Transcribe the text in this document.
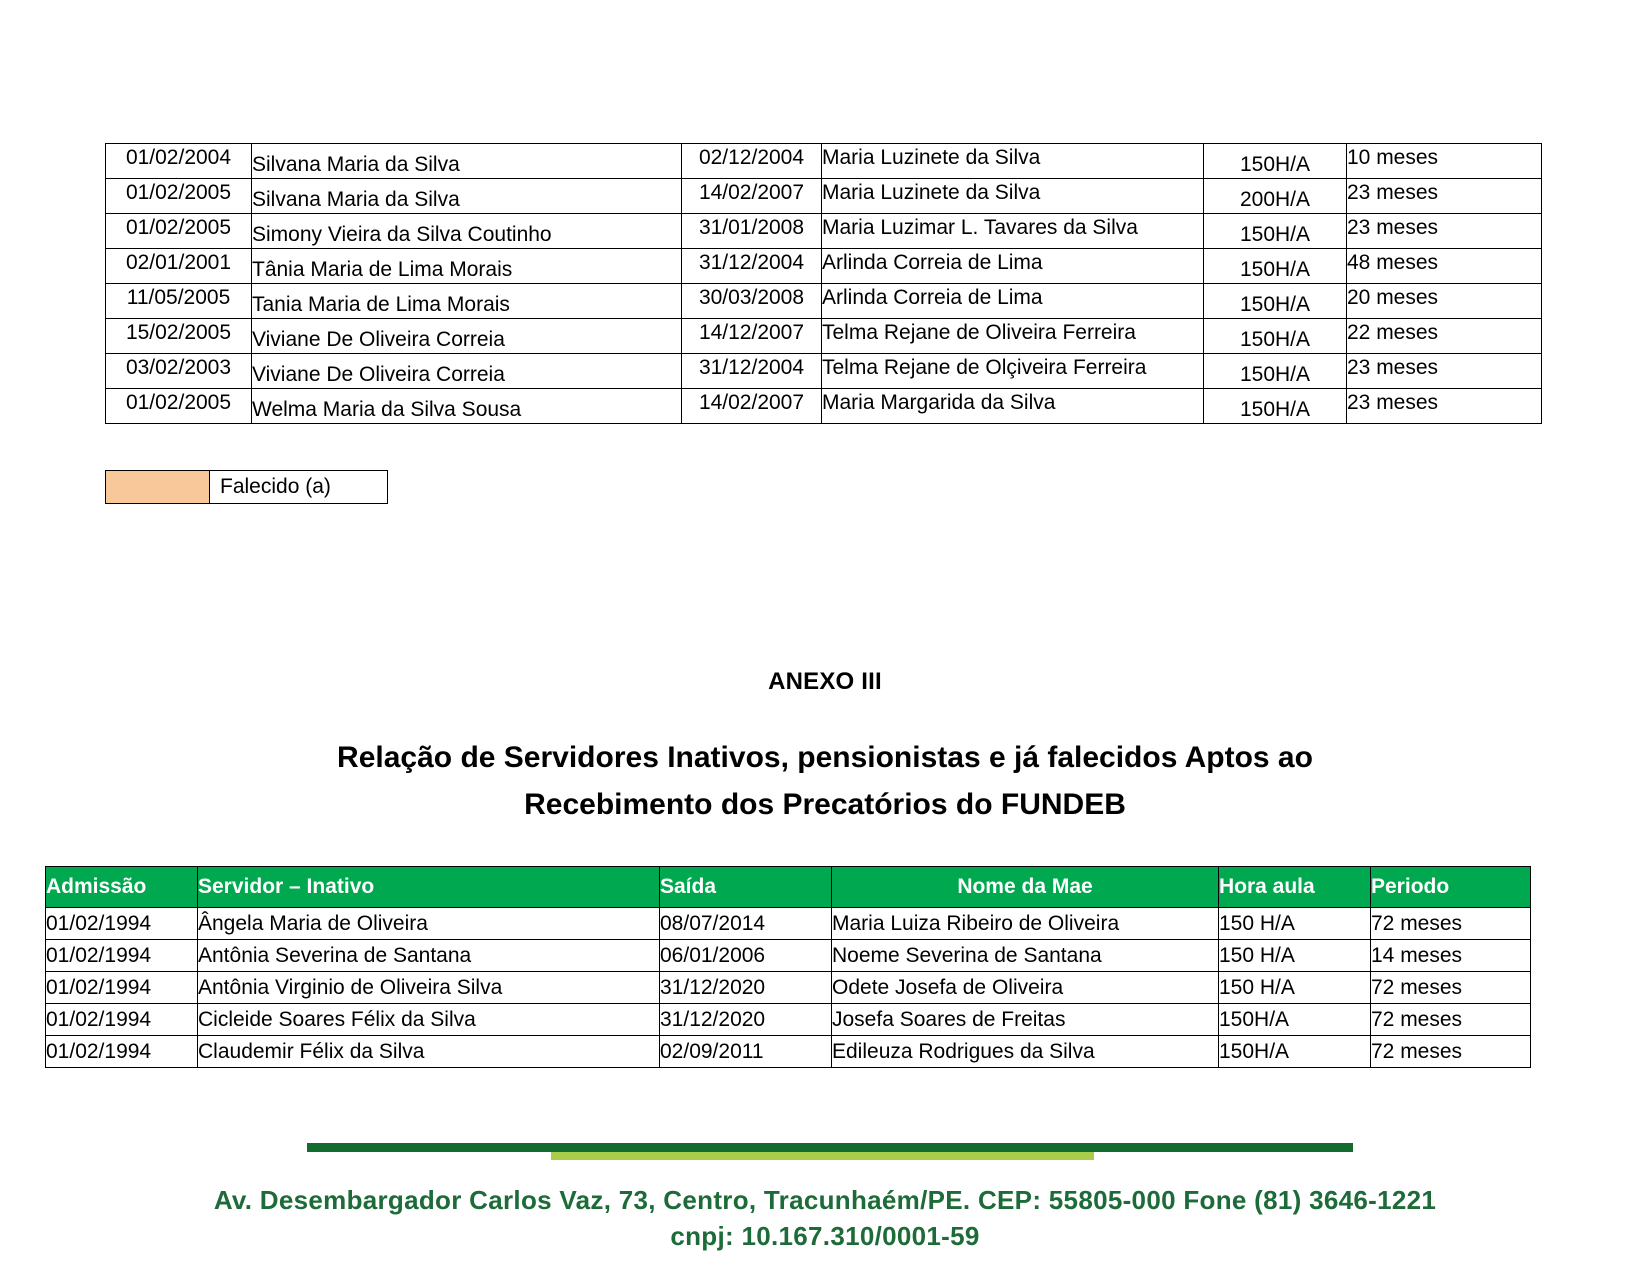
01/02/2004	Silvana Maria da Silva	02/12/2004	Maria Luzinete da Silva	150H/A	10 meses
01/02/2005	Silvana Maria da Silva	14/02/2007	Maria Luzinete da Silva	200H/A	23 meses
01/02/2005	Simony Vieira da Silva Coutinho	31/01/2008	Maria Luzimar L. Tavares da Silva	150H/A	23 meses
02/01/2001	Tânia Maria de Lima Morais	31/12/2004	Arlinda Correia de Lima	150H/A	48 meses
11/05/2005	Tania Maria de Lima Morais	30/03/2008	Arlinda Correia de Lima	150H/A	20 meses
15/02/2005	Viviane De Oliveira Correia	14/12/2007	Telma Rejane de Oliveira Ferreira	150H/A	22 meses
03/02/2003	Viviane De Oliveira Correia	31/12/2004	Telma Rejane de Olçiveira Ferreira	150H/A	23 meses
01/02/2005	Welma Maria da Silva Sousa	14/02/2007	Maria Margarida da Silva	150H/A	23 meses
Falecido (a)
ANEXO III
Relação de Servidores Inativos, pensionistas e já falecidos Aptos ao Recebimento dos Precatórios do FUNDEB
Admissão	Servidor – Inativo	Saída	Nome da Mae	Hora aula	Periodo
01/02/1994	Ângela Maria de Oliveira	08/07/2014	Maria Luiza Ribeiro de Oliveira	150 H/A	72 meses
01/02/1994	Antônia Severina de Santana	06/01/2006	Noeme Severina de Santana	150 H/A	14 meses
01/02/1994	Antônia Virginio de Oliveira Silva	31/12/2020	Odete Josefa de Oliveira	150 H/A	72 meses
01/02/1994	Cicleide Soares Félix da Silva	31/12/2020	Josefa Soares de Freitas	150H/A	72 meses
01/02/1994	Claudemir Félix da Silva	02/09/2011	Edileuza Rodrigues da Silva	150H/A	72 meses
Av. Desembargador Carlos Vaz, 73, Centro, Tracunhaém/PE. CEP: 55805-000 Fone (81) 3646-1221
cnpj: 10.167.310/0001-59
